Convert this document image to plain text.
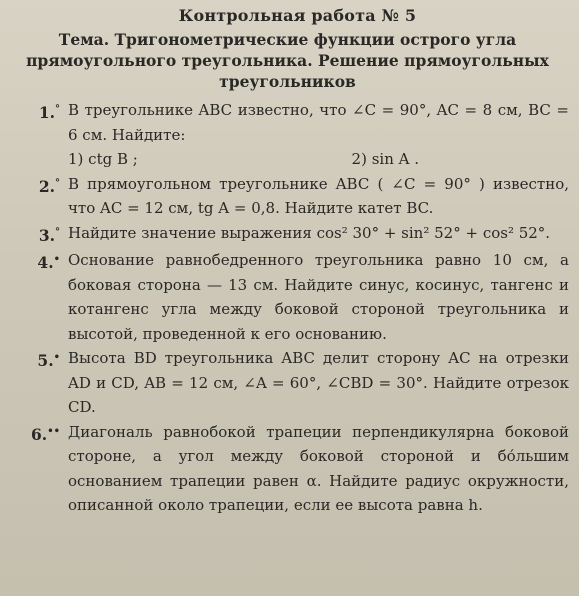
Контрольная работа № 5
Тема. Тригонометрические функции острого угла прямоугольного треугольника. Решение прямоугольных треугольников
1.° В треугольнике ABC известно, что ∠C = 90°, AC = 8 см, BC = 6 см. Найдите:
1) ctg B ;	2) sin A .
2.° В прямоугольном треугольнике ABC ( ∠C = 90° ) известно, что AC = 12 см, tg A = 0,8. Найдите катет BC.
3.° Найдите значение выражения cos² 30° + sin² 52° + cos² 52°.
4.• Основание равнобедренного треугольника равно 10 см, а боковая сторона — 13 см. Найдите синус, косинус, тангенс и котангенс угла между боковой стороной треугольника и высотой, проведенной к его основанию.
5.• Высота BD треугольника ABC делит сторону AC на отрезки AD и CD, AB = 12 см, ∠A = 60°, ∠CBD = 30°. Найдите отрезок CD.
6.•• Диагональ равнобокой трапеции перпендикулярна боковой стороне, а угол между боковой стороной и бо́льшим основанием трапеции равен α. Найдите радиус окружности, описанной около трапеции, если ее высота равна h.
